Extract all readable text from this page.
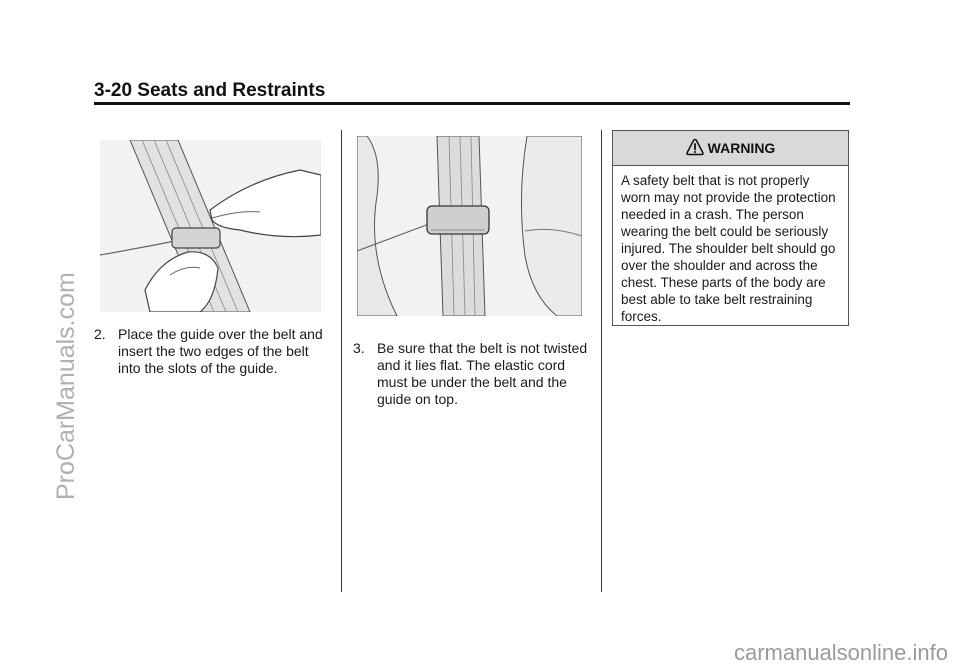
3-20 Seats and Restraints
2. Place the guide over the belt and insert the two edges of the belt into the slots of the guide.
3. Be sure that the belt is not twisted and it lies flat. The elastic cord must be under the belt and the guide on top.
WARNING
A safety belt that is not properly worn may not provide the protection needed in a crash. The person wearing the belt could be seriously injured. The shoulder belt should go over the shoulder and across the chest. These parts of the body are best able to take belt restraining forces.
ProCarManuals.com
carmanualsonline.info
